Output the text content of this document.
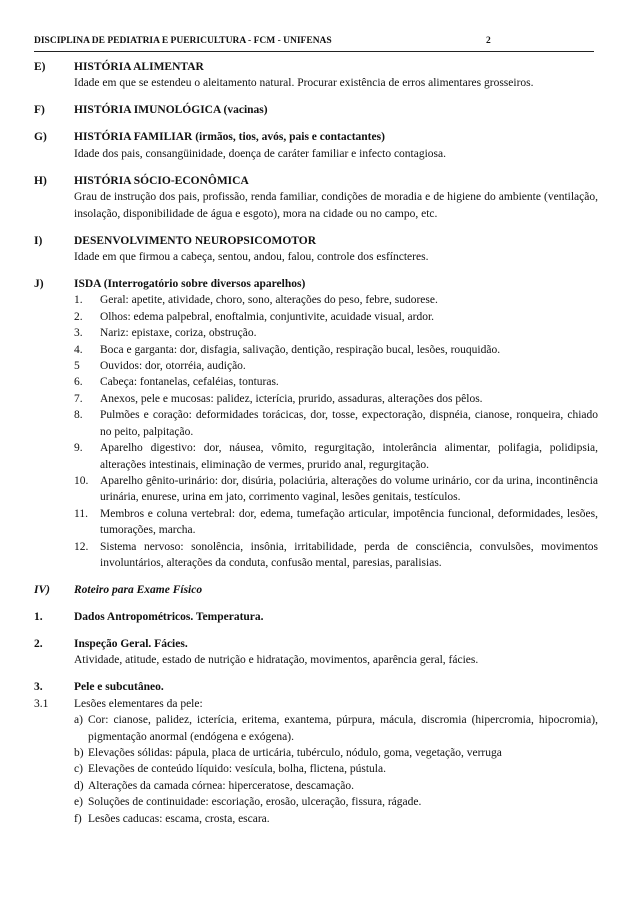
DISCIPLINA DE PEDIATRIA E PUERICULTURA - FCM - UNIFENAS	2
E) HISTÓRIA ALIMENTAR
Idade em que se estendeu o aleitamento natural. Procurar existência de erros alimentares grosseiros.
F)	HISTÓRIA IMUNOLÓGICA (vacinas)
G) HISTÓRIA FAMILIAR (irmãos, tios, avós, pais e contactantes)
Idade dos pais, consangüinidade, doença de caráter familiar e infecto contagiosa.
H) HISTÓRIA SÓCIO-ECONÔMICA
Grau de instrução dos pais, profissão, renda familiar, condições de moradia e de higiene do ambiente (ventilação, insolação, disponibilidade de água e esgoto), mora na cidade ou no campo, etc.
I)	DESENVOLVIMENTO NEUROPSICOMOTOR
Idade em que firmou a cabeça, sentou, andou, falou, controle dos esfíncteres.
J)	ISDA (Interrogatório sobre diversos aparelhos)
1. Geral: apetite, atividade, choro, sono, alterações do peso, febre, sudorese.
2. Olhos: edema palpebral, enoftalmia, conjuntivite, acuidade visual, ardor.
3. Nariz: epistaxe, coriza, obstrução.
4. Boca e garganta: dor, disfagia, salivação, dentição, respiração bucal, lesões, rouquidão.
5 Ouvidos: dor, otorréia, audição.
6. Cabeça: fontanelas, cefaléias, tonturas.
7. Anexos, pele e mucosas: palidez, icterícia, prurido, assaduras, alterações dos pêlos.
8. Pulmões e coração: deformidades torácicas, dor, tosse, expectoração, dispnéia, cianose, ronqueira, chiado no peito, palpitação.
9. Aparelho digestivo: dor, náusea, vômito, regurgitação, intolerância alimentar, polifagia, polidipsia, alterações intestinais, eliminação de vermes, prurido anal, regurgitação.
10. Aparelho gênito-urinário: dor, disúria, polaciúria, alterações do volume urinário, cor da urina, incontinência urinária, enurese, urina em jato, corrimento vaginal, lesões genitais, testículos.
11. Membros e coluna vertebral: dor, edema, tumefação articular, impotência funcional, deformidades, lesões, tumorações, marcha.
12. Sistema nervoso: sonolência, insônia, irritabilidade, perda de consciência, convulsões, movimentos involuntários, alterações da conduta, confusão mental, paresias, paralisias.
IV) Roteiro para Exame Físico
1.	Dados Antropométricos. Temperatura.
2.	Inspeção Geral. Fácies.
Atividade, atitude, estado de nutrição e hidratação, movimentos, aparência geral, fácies.
3.	Pele e subcutâneo.
3.1 Lesões elementares da pele:
a) Cor: cianose, palidez, icterícia, eritema, exantema, púrpura, mácula, discromia (hipercromia, hipocromia), pigmentação anormal (endógena e exógena).
b) Elevações sólidas: pápula, placa de urticária, tubérculo, nódulo, goma, vegetação, verruga
c) Elevações de conteúdo líquido: vesícula, bolha, flictena, pústula.
d) Alterações da camada córnea: hiperceratose, descamação.
e) Soluções de continuidade: escoriação, erosão, ulceração, fissura, rágade.
f) Lesões caducas: escama, crosta, escara.
